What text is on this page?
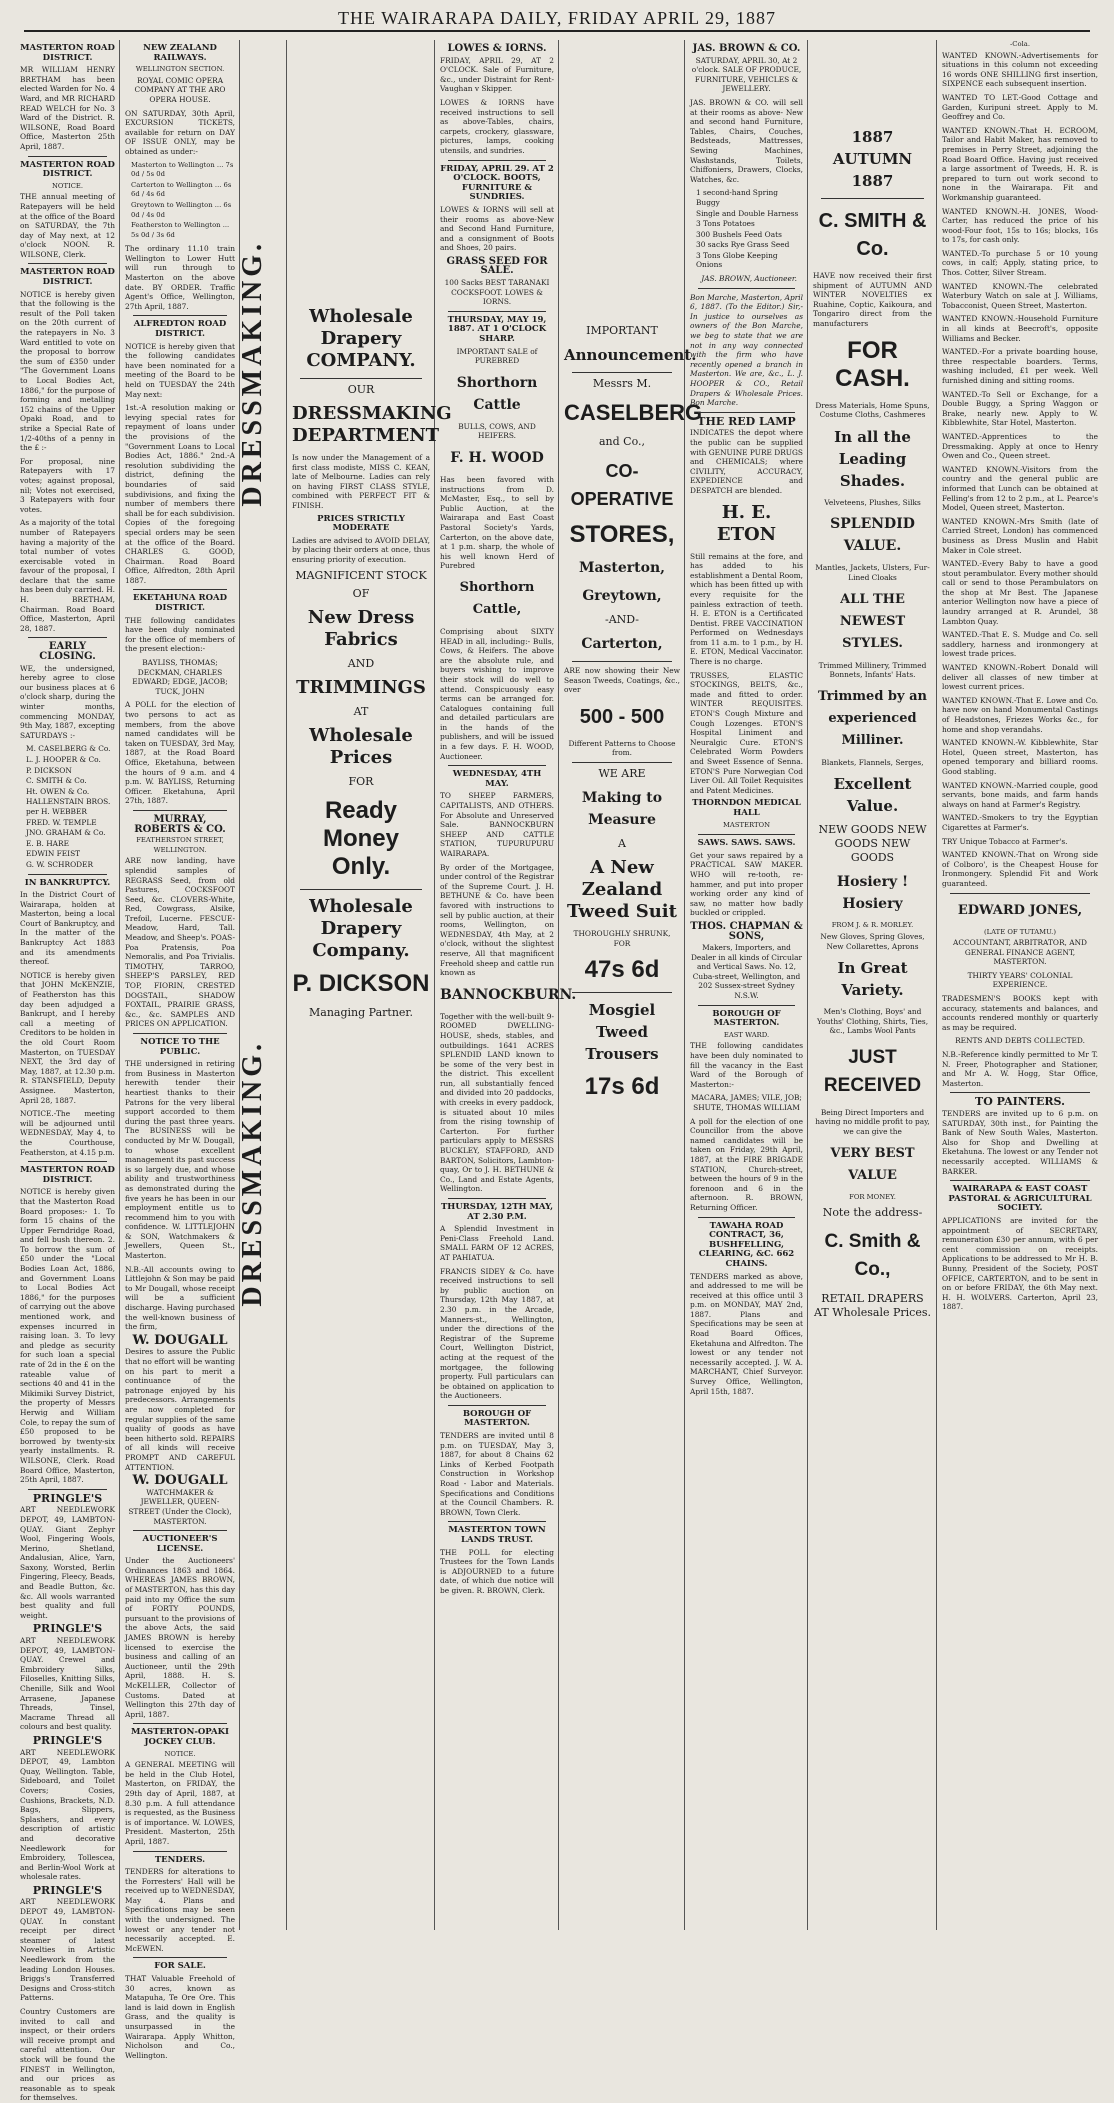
THE WAIRARAPA DAILY, FRIDAY APRIL 29, 1887
MASTERTON ROAD DISTRICT.
MR WILLIAM HENRY BRETHAM has been elected Warden for No. 4 Ward, and MR RICHARD READ WELCH for No. 3 Ward of the District. R. WILSONE, Road Board Office, Masterton 25th April, 1887.
MASTERTON ROAD DISTRICT.
NOTICE.
THE annual meeting of Ratepayers will be held at the office of the Board on SATURDAY, the 7th day of May next, at 12 o'clock NOON. R. WILSONE, Clerk.
MASTERTON ROAD DISTRICT.
NOTICE is hereby given that the following is the result of the Poll taken on the 20th current of the ratepayers in No. 3 Ward entitled to vote on the proposal to borrow the sum of £350 under "The Government Loans to Local Bodies Act, 1886," for the purpose of forming and metalling 152 chains of the Upper Opaki Road, and to strike a Special Rate of 1/2-40ths of a penny in the £ :-
For proposal, nine Ratepayers with 17 votes; against proposal, nil; Votes not exercised, 3 Ratepayers with four votes.
As a majority of the total number of Ratepayers having a majority of the total number of votes exercisable voted in favour of the proposal, I declare that the same has been duly carried. H. H. BRETHAM, Chairman. Road Board Office, Masterton, April 28, 1887.
EARLY CLOSING.
WE, the undersigned, hereby agree to close our business places at 6 o'clock sharp, during the winter months, commencing MONDAY, 9th May, 1887, excepting SATURDAYS :-
M. CASELBERG & Co.
L. J. HOOPER & Co.
P. DICKSON
C. SMITH & Co.
Ht. OWEN & Co.
HALLENSTAIN BROS. per H. WEBBER
FRED. W. TEMPLE
JNO. GRAHAM & Co.
E. B. HARE
EDWIN FEIST
G. W. SCHRODER
IN BANKRUPTCY.
In the District Court of Wairarapa, holden at Masterton, being a local Court of Bankruptcy, and In the matter of the Bankruptcy Act 1883 and its amendments thereof.
NOTICE is hereby given that JOHN McKENZIE, of Featherston has this day been adjudged a Bankrupt, and I hereby call a meeting of Creditors to be holden in the old Court Room Masterton, on TUESDAY NEXT, the 3rd day of May, 1887, at 12.30 p.m. R. STANSFIELD, Deputy Assignee. Masterton, April 28, 1887.
NOTICE.-The meeting will be adjourned until WEDNESDAY, May 4, to the Courthouse, Featherston, at 4.15 p.m.
MASTERTON ROAD DISTRICT.
NOTICE is hereby given that the Masterton Road Board proposes:- 1. To form 15 chains of the Upper Ferndridge Road, and fell bush thereon. 2. To borrow the sum of £50 under the "Local Bodies Loan Act, 1886, and Government Loans to Local Bodies Act 1886," for the purposes of carrying out the above mentioned work, and expenses incurred in raising loan. 3. To levy and pledge as security for such loan a special rate of 2d in the £ on the rateable value of sections 40 and 41 in the Mikimiki Survey District, the property of Messrs Herwig and William Cole, to repay the sum of £50 proposed to be borrowed by twenty-six yearly installments. R. WILSONE, Clerk. Road Board Office, Masterton, 25th April, 1887.
PRINGLE'S
ART NEEDLEWORK DEPOT, 49, LAMBTON-QUAY. Giant Zephyr Wool, Fingering Wools, Merino, Shetland, Andalusian, Alice, Yarn, Saxony, Worsted, Berlin Fingering, Fleecy, Beads, and Beadle Button, &c. &c. All wools warranted best quality and full weight.
PRINGLE'S
ART NEEDLEWORK DEPOT, 49, LAMBTON-QUAY. Crewel and Embroidery Silks, Filoselles, Knitting Silks, Chenille, Silk and Wool Arrasene, Japanese Threads, Tinsel, Macrame Thread all colours and best quality.
PRINGLE'S
ART NEEDLEWORK DEPOT, 49, Lambton Quay, Wellington. Table, Sideboard, and Toilet Covers; Cosies, Cushions, Brackets, N.D. Bags, Slippers, Splashers, and every description of artistic and decorative Needlework for Embroidery, Tollescea, and Berlin-Wool Work at wholesale rates.
PRINGLE'S
ART NEEDLEWORK DEPOT 49, LAMBTON-QUAY. In constant receipt per direct steamer of latest Novelties in Artistic Needlework from the leading London Houses. Briggs's Transferred Designs and Cross-stitch Patterns.
Country Customers are invited to call and inspect, or their orders will receive prompt and careful attention. Our stock will be found the FINEST in Wellington, and our prices as reasonable as to speak for themselves.
NEW ZEALAND RAILWAYS.
WELLINGTON SECTION.
ROYAL COMIC OPERA COMPANY AT THE ARO OPERA HOUSE.
ON SATURDAY, 30th April, EXCURSION TICKETS, available for return on DAY OF ISSUE ONLY, may be obtained as under:-
Masterton to Wellington ... 7s 0d / 5s 0d
Carterton to Wellington ... 6s 6d / 4s 6d
Greytown to Wellington ... 6s 0d / 4s 0d
Featherston to Wellington ... 5s 0d / 3s 6d
The ordinary 11.10 train Wellington to Lower Hutt will run through to Masterton on the above date. BY ORDER. Traffic Agent's Office, Wellington, 27th April, 1887.
ALFREDTON ROAD DISTRICT.
NOTICE is hereby given that the following candidates have been nominated for a meeting of the Board to be held on TUESDAY the 24th May next:
1st.-A resolution making or levying special rates for repayment of loans under the provisions of the "Government Loans to Local Bodies Act, 1886." 2nd.-A resolution subdividing the district, defining the boundaries of said subdivisions, and fixing the number of members there shall be for each subdivision. Copies of the foregoing special orders may be seen at the office of the Board. CHARLES G. GOOD, Chairman. Road Board Office, Alfredton, 28th April 1887.
EKETAHUNA ROAD DISTRICT.
THE following candidates have been duly nominated for the office of members of the present election:-
BAYLISS, THOMAS; DECKMAN, CHARLES EDWARD; EDGE, JACOB; TUCK, JOHN
A POLL for the election of two persons to act as members, from the above named candidates will be taken on TUESDAY, 3rd May, 1887, at the Road Board Office, Eketahuna, between the hours of 9 a.m. and 4 p.m. W. BAYLISS, Returning Officer. Eketahuna, April 27th, 1887.
MURRAY, ROBERTS & CO.
FEATHERSTON STREET, WELLINGTON.
ARE now landing, have splendid samples of REGRASS Seed, from old Pastures, COCKSFOOT Seed, &c. CLOVERS-White, Red, Cowgrass, Alsike, Trefoil, Lucerne. FESCUE-Meadow, Hard, Tall. Meadow, and Sheep's. POAS-Poa Pratensis, Poa Nemoralis, and Poa Trivialis. TIMOTHY, TARROO, SHEEP'S PARSLEY, RED TOP, FIORIN, CRESTED DOGSTAIL, SHADOW FOXTAIL, PRAIRIE GRASS, &c., &c. SAMPLES AND PRICES ON APPLICATION.
NOTICE TO THE PUBLIC.
THE undersigned in retiring from Business in Masterton herewith tender their heartiest thanks to their Patrons for the very liberal support accorded to them during the past three years. The BUSINESS will be conducted by Mr W. Dougall, to whose excellent management its past success is so largely due, and whose ability and trustworthiness as demonstrated during the five years he has been in our employment entitle us to recommend him to you with confidence. W. LITTLEJOHN & SON, Watchmakers & Jewellers, Queen St., Masterton.
N.B.-All accounts owing to Littlejohn & Son may be paid to Mr Dougall, whose receipt will be a sufficient discharge. Having purchased the well-known business of the firm,
W. DOUGALL
Desires to assure the Public that no effort will be wanting on his part to merit a continuance of the patronage enjoyed by his predecessors. Arrangements are now completed for regular supplies of the same quality of goods as have been hitherto sold. REPAIRS of all kinds will receive PROMPT AND CAREFUL ATTENTION.
W. DOUGALL
WATCHMAKER & JEWELLER, QUEEN-STREET (Under the Clock), MASTERTON.
AUCTIONEER'S LICENSE.
Under the Auctioneers' Ordinances 1863 and 1864. WHEREAS JAMES BROWN, of MASTERTON, has this day paid into my Office the sum of FORTY POUNDS, pursuant to the provisions of the above Acts, the said JAMES BROWN is hereby licensed to exercise the business and calling of an Auctioneer, until the 29th April, 1888. H. S. McKELLER, Collector of Customs. Dated at Wellington this 27th day of April, 1887.
MASTERTON-OPAKI JOCKEY CLUB.
NOTICE.
A GENERAL MEETING will be held in the Club Hotel, Masterton, on FRIDAY, the 29th day of April, 1887, at 8.30 p.m. A full attendance is requested, as the Business is of importance. W. LOWES, President. Masterton, 25th April, 1887.
TENDERS.
TENDERS for alterations to the Forresters' Hall will be received up to WEDNESDAY, May 4. Plans and Specifications may be seen with the undersigned. The lowest or any tender not necessarily accepted. E. McEWEN.
FOR SALE.
THAT Valuable Freehold of 30 acres, known as Matapuha, Te Ore Ore. This land is laid down in English Grass, and the quality is unsurpassed in the Wairarapa. Apply Whitton, Nicholson and Co., Wellington.
DRESSMAKING.
DRESSMAKING.
Wholesale Drapery COMPANY.
OUR
DRESSMAKING DEPARTMENT
Is now under the Management of a first class modiste, MISS C. KEAN, late of Melbourne. Ladies can rely on having FIRST CLASS STYLE, combined with PERFECT FIT & FINISH.
PRICES STRICTLY MODERATE
Ladies are advised to AVOID DELAY, by placing their orders at once, thus ensuring priority of execution.
MAGNIFICENT STOCK
OF
New Dress Fabrics
AND
TRIMMINGS
AT
Wholesale Prices
FOR
Ready Money Only.
Wholesale Drapery Company.
P. DICKSON
Managing Partner.
LOWES & IORNS.
FRIDAY, APRIL 29, AT 2 O'CLOCK. Sale of Furniture, &c., under Distraint for Rent-Vaughan v Skipper.
LOWES & IORNS have received instructions to sell as above-Tables, chairs, carpets, crockery, glassware, pictures, lamps, cooking utensils, and sundries.
FRIDAY, APRIL 29. AT 2 O'CLOCK. BOOTS, FURNITURE & SUNDRIES.
LOWES & IORNS will sell at their rooms as above-New and Second Hand Furniture, and a consignment of Boots and Shoes, 20 pairs.
GRASS SEED FOR SALE.
100 Sacks BEST TARANAKI COCKSFOOT. LOWES & IORNS.
THURSDAY, MAY 19, 1887. AT 1 O'CLOCK SHARP.
IMPORTANT SALE of PUREBRED
Shorthorn Cattle
BULLS, COWS, AND HEIFERS.
F. H. WOOD
Has been favored with instructions from D. McMaster, Esq., to sell by Public Auction, at the Wairarapa and East Coast Pastoral Society's Yards, Carterton, on the above date, at 1 p.m. sharp, the whole of his well known Herd of Purebred
Shorthorn Cattle,
Comprising about SIXTY HEAD in all, including:- Bulls, Cows, & Heifers. The above are the absolute rule, and buyers wishing to improve their stock will do well to attend. Conspicuously easy terms can be arranged for. Catalogues containing full and detailed particulars are in the hands of the publishers, and will be issued in a few days. F. H. WOOD, Auctioneer.
WEDNESDAY, 4TH MAY.
TO SHEEP FARMERS, CAPITALISTS, AND OTHERS. For Absolute and Unreserved Sale. BANNOCKBURN SHEEP AND CATTLE STATION, TUPURUPURU WAIRARAPA.
By order of the Mortgagee, under control of the Registrar of the Supreme Court. J. H. BETHUNE & Co. have been favored with instructions to sell by public auction, at their rooms, Wellington, on WEDNESDAY, 4th May, at 2 o'clock, without the slightest reserve, All that magnificent Freehold sheep and cattle run known as
BANNOCKBURN.
Together with the well-built 9-ROOMED DWELLING-HOUSE, sheds, stables, and outbuildings. 1641 ACRES SPLENDID LAND known to be some of the very best in the district. This excellent run, all substantially fenced and divided into 20 paddocks, with creeks in every paddock, is situated about 10 miles from the rising township of Carterton. For further particulars apply to MESSRS BUCKLEY, STAFFORD, AND BARTON, Solicitors, Lambton-quay, Or to J. H. BETHUNE & Co., Land and Estate Agents, Wellington.
THURSDAY, 12TH MAY, AT 2.30 P.M.
A Splendid Investment in Peni-Class Freehold Land. SMALL FARM OF 12 ACRES, AT PAHIATUA.
FRANCIS SIDEY & Co. have received instructions to sell by public auction on Thursday, 12th May 1887, at 2.30 p.m. in the Arcade, Manners-st., Wellington, under the directions of the Registrar of the Supreme Court, Wellington District, acting at the request of the mortgagee, the following property. Full particulars can be obtained on application to the Auctioneers.
BOROUGH OF MASTERTON.
TENDERS are invited until 8 p.m. on TUESDAY, May 3, 1887, for about 8 Chains 62 Links of Kerbed Footpath Construction in Workshop Road - Labor and Materials. Specifications and Conditions at the Council Chambers. R. BROWN, Town Clerk.
MASTERTON TOWN LANDS TRUST.
THE POLL for electing Trustees for the Town Lands is ADJOURNED to a future date, of which due notice will be given. R. BROWN, Clerk.
IMPORTANT
Announcement.
Messrs M.
CASELBERG
and Co.,
CO-OPERATIVE
STORES,
Masterton,
Greytown,
-AND-
Carterton,
ARE now showing their New Season Tweeds, Coatings, &c., over
500 - 500
Different Patterns to Choose from.
WE ARE
Making to Measure
A
A New Zealand Tweed Suit
THOROUGHLY SHRUNK, FOR
47s 6d
Mosgiel Tweed Trousers
17s 6d
JAS. BROWN & CO.
SATURDAY, APRIL 30, At 2 o'clock. SALE OF PRODUCE, FURNITURE, VEHICLES & JEWELLERY.
JAS. BROWN & CO. will sell at their rooms as above- New and second hand Furniture, Tables, Chairs, Couches, Bedsteads, Mattresses, Sewing Machines, Washstands, Toilets, Chiffoniers, Drawers, Clocks, Watches, &c.
1 second-hand Spring Buggy
Single and Double Harness
3 Tons Potatoes
300 Bushels Feed Oats
30 sacks Rye Grass Seed
3 Tons Globe Keeping Onions
JAS. BROWN, Auctioneer.
Bon Marche, Masterton, April 6, 1887. (To the Editor.) Sir,-In justice to ourselves as owners of the Bon Marche, we beg to state that we are not in any way connected with the firm who have recently opened a branch in Masterton. We are, &c., L. J. HOOPER & CO., Retail Drapers & Wholesale Prices. Bon Marche.
THE RED LAMP
INDICATES the depot where the public can be supplied with GENUINE PURE DRUGS and CHEMICALS; where CIVILITY, ACCURACY, EXPEDIENCE and DESPATCH are blended.
H. E. ETON
Still remains at the fore, and has added to his establishment a Dental Room, which has been fitted up with every requisite for the painless extraction of teeth. H. E. ETON is a Certificated Dentist. FREE VACCINATION Performed on Wednesdays from 11 a.m. to 1 p.m., by H. E. ETON, Medical Vaccinator. There is no charge.
TRUSSES, ELASTIC STOCKINGS, BELTS, &c., made and fitted to order. WINTER REQUISITES. ETON'S Cough Mixture and Cough Lozenges. ETON'S Hospital Liniment and Neuralgic Cure. ETON'S Celebrated Worm Powders and Sweet Essence of Senna. ETON'S Pure Norwegian Cod Liver Oil. All Toilet Requisites and Patent Medicines.
THORNDON MEDICAL HALL
MASTERTON
SAWS. SAWS. SAWS.
Get your saws repaired by a PRACTICAL SAW MAKER. WHO will re-tooth, re-hammer, and put into proper working order any kind of saw, no matter how badly buckled or crippled.
THOS. CHAPMAN & SONS,
Makers, Importers, and Dealer in all kinds of Circular and Vertical Saws. No. 12, Cuba-street, Wellington, and 202 Sussex-street Sydney N.S.W.
BOROUGH OF MASTERTON.
EAST WARD.
THE following candidates have been duly nominated to fill the vacancy in the East Ward of the Borough of Masterton:-
MACARA, JAMES; VILE, JOB; SHUTE, THOMAS WILLIAM
A poll for the election of one Councillor from the above named candidates will be taken on Friday, 29th April, 1887, at the FIRE BRIGADE STATION, Church-street, between the hours of 9 in the forenoon and 6 in the afternoon. R. BROWN, Returning Officer.
TAWAHA ROAD CONTRACT, 36, BUSHFELLING, CLEARING, &C. 662 CHAINS.
TENDERS marked as above, and addressed to me will be received at this office until 3 p.m. on MONDAY, MAY 2nd, 1887. Plans and Specifications may be seen at Road Board Offices, Eketahuna and Alfredton. The lowest or any tender not necessarily accepted. J. W. A. MARCHANT, Chief Surveyor. Survey Office, Wellington, April 15th, 1887.
1887 AUTUMN 1887
C. SMITH & Co.
HAVE now received their first shipment of AUTUMN AND WINTER NOVELTIES ex Ruahine, Coptic, Kaikoura, and Tongariro direct from the manufacturers
FOR CASH.
Dress Materials, Home Spuns, Costume Cloths, Cashmeres
In all the Leading Shades.
Velveteens, Plushes, Silks
SPLENDID VALUE.
Mantles, Jackets, Ulsters, Fur-Lined Cloaks
ALL THE NEWEST STYLES.
Trimmed Millinery, Trimmed Bonnets, Infants' Hats.
Trimmed by an experienced Milliner.
Blankets, Flannels, Serges,
Excellent Value.
NEW GOODS NEW GOODS NEW GOODS
Hosiery ! Hosiery
FROM J. & R. MORLEY.
New Gloves, Spring Gloves, New Collarettes, Aprons
In Great Variety.
Men's Clothing, Boys' and Youths' Clothing, Shirts, Ties, &c., Lambs Wool Pants
JUST RECEIVED
Being Direct Importers and having no middle profit to pay, we can give the
VERY BEST VALUE
FOR MONEY.
Note the address-
C. Smith & Co.,
RETAIL DRAPERS AT Wholesale Prices.
-Cola.
WANTED KNOWN.-Advertisements for situations in this column not exceeding 16 words ONE SHILLING first insertion, SIXPENCE each subsequent insertion.
WANTED TO LET.-Good Cottage and Garden, Kuripuni street. Apply to M. Geoffrey and Co.
WANTED KNOWN.-That H. ECROOM, Tailor and Habit Maker, has removed to premises in Perry Street, adjoining the Road Board Office. Having just received a large assortment of Tweeds, H. R. is prepared to turn out work second to none in the Wairarapa. Fit and Workmanship guaranteed.
WANTED KNOWN.-H. JONES, Wood-Carter, has reduced the price of his wood-Four foot, 15s to 16s; blocks, 16s to 17s, for cash only.
WANTED.-To purchase 5 or 10 young cows, in calf; Apply, stating price, to Thos. Cotter, Silver Stream.
WANTED KNOWN.-The celebrated Waterbury Watch on sale at J. Williams, Tobacconist, Queen Street, Masterton.
WANTED KNOWN.-Household Furniture in all kinds at Beecroft's, opposite Williams and Becker.
WANTED.-For a private boarding house, three respectable boarders. Terms, washing included, £1 per week. Well furnished dining and sitting rooms.
WANTED.-To Sell or Exchange, for a Double Buggy, a Spring Waggon or Brake, nearly new. Apply to W. Kibblewhite, Star Hotel, Masterton.
WANTED.-Apprentices to the Dressmaking. Apply at once to Henry Owen and Co., Queen street.
WANTED KNOWN.-Visitors from the country and the general public are informed that Lunch can be obtained at Felling's from 12 to 2 p.m., at L. Pearce's Model, Queen street, Masterton.
WANTED KNOWN.-Mrs Smith (late of Carried Street, London) has commenced business as Dress Muslin and Habit Maker in Cole street.
WANTED.-Every Baby to have a good stout perambulator. Every mother should call or send to those Perambulators on the shop at Mr Best. The Japanese anterior Wellington now have a piece of laundry arranged at R. Arundel, 38 Lambton Quay.
WANTED.-That E. S. Mudge and Co. sell saddlery, harness and ironmongery at lowest trade prices.
WANTED KNOWN.-Robert Donald will deliver all classes of new timber at lowest current prices.
WANTED KNOWN.-That E. Lowe and Co. have now on hand Monumental Castings of Headstones, Friezes Works &c., for home and shop verandahs.
WANTED KNOWN.-W. Kibblewhite, Star Hotel, Queen street, Masterton, has opened temporary and billiard rooms. Good stabling.
WANTED KNOWN.-Married couple, good servants, bone maids, and farm hands always on hand at Farmer's Registry.
WANTED.-Smokers to try the Egyptian Cigarettes at Farmer's.
TRY Unique Tobacco at Farmer's.
WANTED KNOWN.-That on Wrong side of Colboro', is the Cheapest House for Ironmongery. Splendid Fit and Work guaranteed.
EDWARD JONES,
(LATE OF TUTAMU.)
ACCOUNTANT, ARBITRATOR, AND GENERAL FINANCE AGENT, MASTERTON.
THIRTY YEARS' COLONIAL EXPERIENCE.
TRADESMEN'S BOOKS kept with accuracy, statements and balances, and accounts rendered monthly or quarterly as may be required.
RENTS AND DEBTS COLLECTED.
N.B.-Reference kindly permitted to Mr T. N. Freer, Photographer and Stationer, and Mr A. W. Hogg, Star Office, Masterton.
TO PAINTERS.
TENDERS are invited up to 6 p.m. on SATURDAY, 30th inst., for Painting the Bank of New South Wales, Masterton. Also for Shop and Dwelling at Eketahuna. The lowest or any Tender not necessarily accepted. WILLIAMS & BARKER.
WAIRARAPA & EAST COAST PASTORAL & AGRICULTURAL SOCIETY.
APPLICATIONS are invited for the appointment of SECRETARY, remuneration £30 per annum, with 6 per cent commission on receipts. Applications to be addressed to Mr H. B. Bunny, President of the Society, POST OFFICE, CARTERTON, and to be sent in on or before FRIDAY, the 6th May next. H. H. WOLVERS. Carterton, April 23, 1887.
